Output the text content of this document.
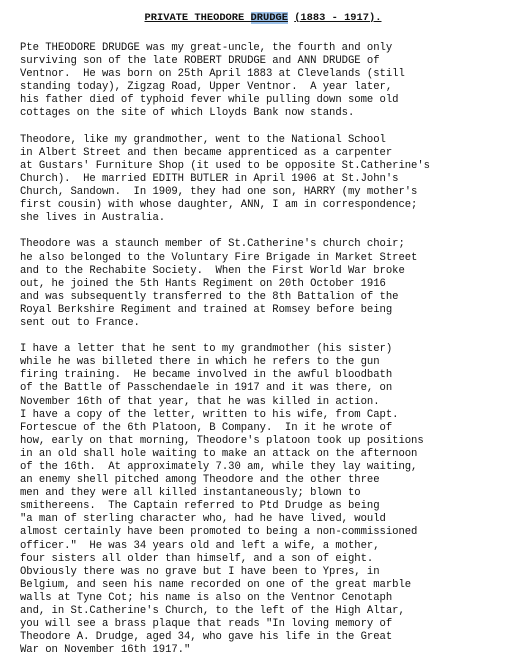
PRIVATE THEODORE DRUDGE (1883 - 1917).
Pte THEODORE DRUDGE was my great-uncle, the fourth and only
surviving son of the late ROBERT DRUDGE and ANN DRUDGE of
Ventnor.  He was born on 25th April 1883 at Clevelands (still
standing today), Zigzag Road, Upper Ventnor.  A year later,
his father died of typhoid fever while pulling down some old
cottages on the site of which Lloyds Bank now stands.
Theodore, like my grandmother, went to the National School
in Albert Street and then became apprenticed as a carpenter
at Gustars' Furniture Shop (it used to be opposite St.Catherine's
Church).  He married EDITH BUTLER in April 1906 at St.John's
Church, Sandown.  In 1909, they had one son, HARRY (my mother's
first cousin) with whose daughter, ANN, I am in correspondence;
she lives in Australia.
Theodore was a staunch member of St.Catherine's church choir;
he also belonged to the Voluntary Fire Brigade in Market Street
and to the Rechabite Society.  When the First World War broke
out, he joined the 5th Hants Regiment on 20th October 1916
and was subsequently transferred to the 8th Battalion of the
Royal Berkshire Regiment and trained at Romsey before being
sent out to France.
I have a letter that he sent to my grandmother (his sister)
while he was billeted there in which he refers to the gun
firing training.  He became involved in the awful bloodbath
of the Battle of Passchendaele in 1917 and it was there, on
November 16th of that year, that he was killed in action.
I have a copy of the letter, written to his wife, from Capt.
Fortescue of the 6th Platoon, B Company.  In it he wrote of
how, early on that morning, Theodore's platoon took up positions
in an old shall hole waiting to make an attack on the afternoon
of the 16th.  At approximately 7.30 am, while they lay waiting,
an enemy shell pitched among Theodore and the other three
men and they were all killed instantaneously; blown to
smithereens.  The Captain referred to Ptd Drudge as being
"a man of sterling character who, had he have lived, would
almost certainly have been promoted to being a non-commissioned
officer."  He was 34 years old and left a wife, a mother,
four sisters all older than himself, and a son of eight.
Obviously there was no grave but I have been to Ypres, in
Belgium, and seen his name recorded on one of the great marble
walls at Tyne Cot; his name is also on the Ventnor Cenotaph
and, in St.Catherine's Church, to the left of the High Altar,
you will see a brass plaque that reads "In loving memory of
Theodore A. Drudge, aged 34, who gave his life in the Great
War on November 16th 1917."
